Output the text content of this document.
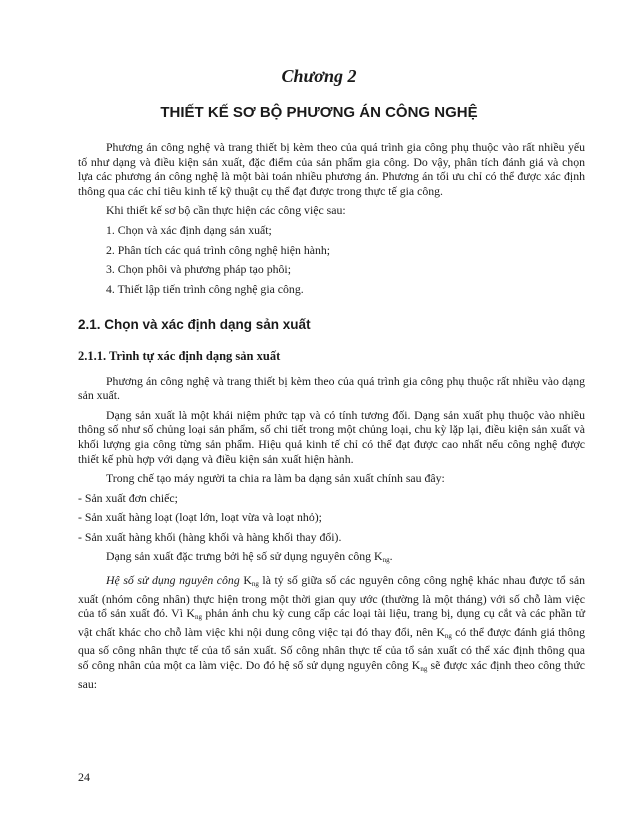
Chương 2
THIẾT KẾ SƠ BỘ PHƯƠNG ÁN CÔNG NGHỆ

Phương án công nghệ và trang thiết bị kèm theo của quá trình gia công phụ thuộc vào rất nhiều yếu tố như dạng và điều kiện sản xuất, đặc điểm của sản phẩm gia công. Do vậy, phân tích đánh giá và chọn lựa các phương án công nghệ là một bài toán nhiều phương án. Phương án tối ưu chỉ có thể được xác định thông qua các chỉ tiêu kinh tế kỹ thuật cụ thể đạt được trong thực tế gia công.

Khi thiết kế sơ bộ cần thực hiện các công việc sau:

1. Chọn và xác định dạng sản xuất;

2. Phân tích các quá trình công nghệ hiện hành;

3. Chọn phôi và phương pháp tạo phôi;

4. Thiết lập tiến trình công nghệ gia công.

2.1. Chọn và xác định dạng sản xuất
2.1.1. Trình tự xác định dạng sản xuất

Phương án công nghệ và trang thiết bị kèm theo của quá trình gia công phụ thuộc rất nhiều vào dạng sản xuất.

Dạng sản xuất là một khái niệm phức tạp và có tính tương đối. Dạng sản xuất phụ thuộc vào nhiều thông số như số chủng loại sản phẩm, số chi tiết trong một chủng loại, chu kỳ lặp lại, điều kiện sản xuất và khối lượng gia công từng sản phẩm. Hiệu quả kinh tế chỉ có thể đạt được cao nhất nếu công nghệ được thiết kế phù hợp với dạng và điều kiện sản xuất hiện hành.

Trong chế tạo máy người ta chia ra làm ba dạng sản xuất chính sau đây:

- Sản xuất đơn chiếc;

- Sản xuất hàng loạt (loạt lớn, loạt vừa và loạt nhỏ);

- Sản xuất hàng khối (hàng khối và hàng khối thay đổi).

Dạng sản xuất đặc trưng bởi hệ số sử dụng nguyên công $K_{ng}$.

Hệ số sử dụng nguyên công $K_{ng}$ là tỷ số giữa số các nguyên công công nghệ khác nhau được tổ sản xuất (nhóm công nhân) thực hiện trong một thời gian quy ước (thường là một tháng) với số chỗ làm việc của tổ sản xuất đó. Vì $K_{ng}$ phản ánh chu kỳ cung cấp các loại tài liệu, trang bị, dụng cụ cắt và các phần tử vật chất khác cho chỗ làm việc khi nội dung công việc tại đó thay đổi, nên $K_{ng}$ có thể được đánh giá thông qua số công nhân thực tế của tổ sản xuất. Số công nhân thực tế của tổ sản xuất có thể xác định thông qua số công nhân của một ca làm việc. Do đó hệ số sử dụng nguyên công $K_{ng}$ sẽ được xác định theo công thức sau:

24
